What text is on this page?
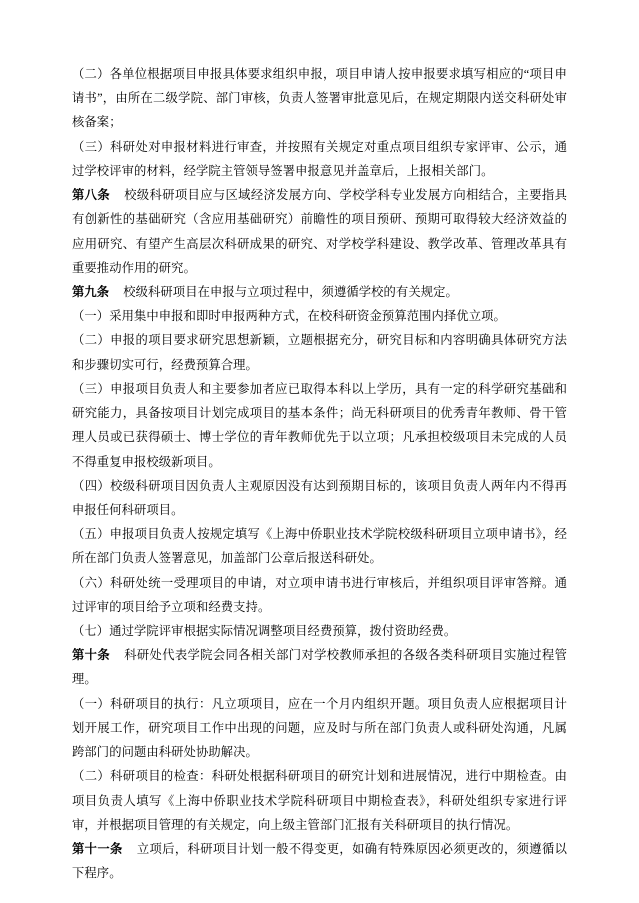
（二）各单位根据项目申报具体要求组织申报，项目申请人按申报要求填写相应的“项目申请书”，由所在二级学院、部门审核，负责人签署审批意见后，在规定期限内送交科研处审核备案；

（三）科研处对申报材料进行审查，并按照有关规定对重点项目组织专家评审、公示，通过学校评审的材料，经学院主管领导签署申报意见并盖章后，上报相关部门。

第八条 校级科研项目应与区域经济发展方向、学校学科专业发展方向相结合，主要指具有创新性的基础研究（含应用基础研究）前瞻性的项目预研、预期可取得较大经济效益的应用研究、有望产生高层次科研成果的研究、对学校学科建设、教学改革、管理改革具有重要推动作用的研究。

第九条 校级科研项目在申报与立项过程中，须遵循学校的有关规定。

（一）采用集中申报和即时申报两种方式，在校科研资金预算范围内择优立项。

（二）申报的项目要求研究思想新颖，立题根据充分，研究目标和内容明确具体研究方法和步骤切实可行，经费预算合理。

（三）申报项目负责人和主要参加者应已取得本科以上学历，具有一定的科学研究基础和研究能力，具备按项目计划完成项目的基本条件；尚无科研项目的优秀青年教师、骨干管理人员或已获得硕士、博士学位的青年教师优先于以立项；凡承担校级项目未完成的人员不得重复申报校级新项目。

（四）校级科研项目因负责人主观原因没有达到预期目标的，该项目负责人两年内不得再申报任何科研项目。

（五）申报项目负责人按规定填写《上海中侨职业技术学院校级科研项目立项申请书》，经所在部门负责人签署意见，加盖部门公章后报送科研处。

（六）科研处统一受理项目的申请，对立项申请书进行审核后，并组织项目评审答辩。通过评审的项目给予立项和经费支持。

（七）通过学院评审根据实际情况调整项目经费预算，拨付资助经费。

第十条 科研处代表学院会同各相关部门对学校教师承担的各级各类科研项目实施过程管理。

（一）科研项目的执行：凡立项项目，应在一个月内组织开题。项目负责人应根据项目计划开展工作，研究项目工作中出现的问题，应及时与所在部门负责人或科研处沟通，凡属跨部门的问题由科研处协助解决。

（二）科研项目的检查：科研处根据科研项目的研究计划和进展情况，进行中期检查。由项目负责人填写《上海中侨职业技术学院科研项目中期检查表》，科研处组织专家进行评审，并根据项目管理的有关规定，向上级主管部门汇报有关科研项目的执行情况。

第十一条 立项后，科研项目计划一般不得变更，如确有特殊原因必须更改的，须遵循以下程序。
